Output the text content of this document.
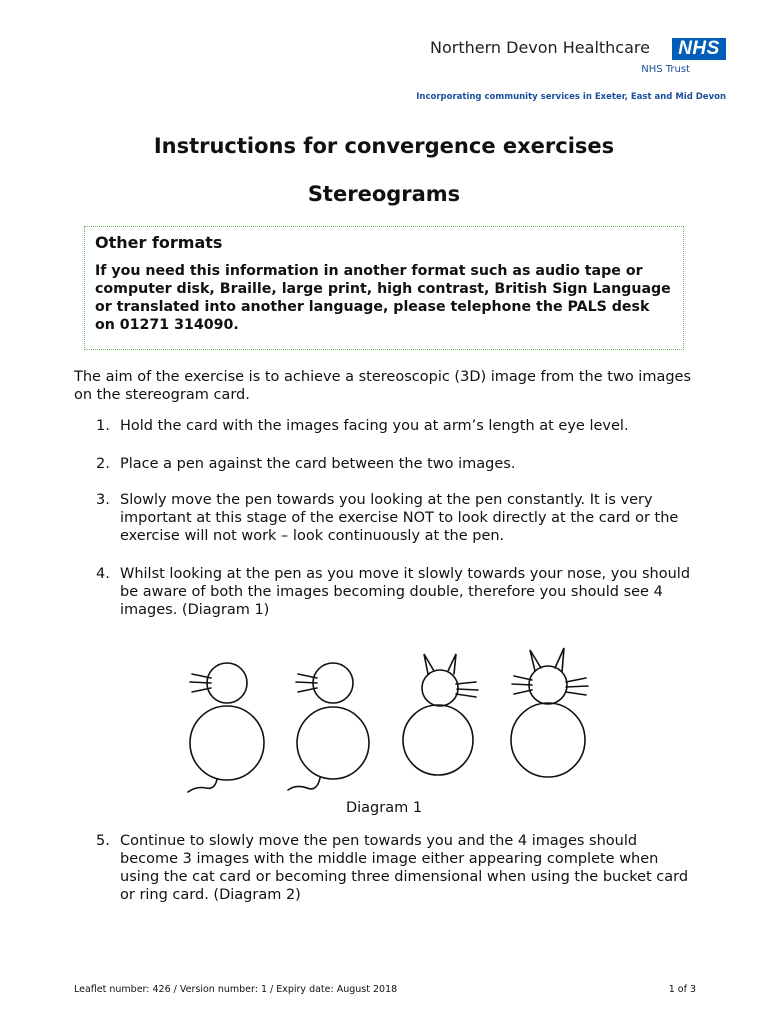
Northern Devon Healthcare	NHS
NHS Trust
Incorporating community services in Exeter, East and Mid Devon
Instructions for convergence exercises
Stereograms

Other formats

If you need this information in another format such as audio tape or computer disk, Braille, large print, high contrast, British Sign Language or translated into another language, please telephone the PALS desk on 01271 314090.

The aim of the exercise is to achieve a stereoscopic (3D) image from the two images on the stereogram card.

1. Hold the card with the images facing you at arm’s length at eye level.
2. Place a pen against the card between the two images.
3. Slowly move the pen towards you looking at the pen constantly. It is very important at this stage of the exercise NOT to look directly at the card or the exercise will not work – look continuously at the pen.
4. Whilst looking at the pen as you move it slowly towards your nose, you should be aware of both the images becoming double, therefore you should see 4 images. (Diagram 1)
Diagram 1
5. Continue to slowly move the pen towards you and the 4 images should become 3 images with the middle image either appearing complete when using the cat card or becoming three dimensional when using the bucket card or ring card. (Diagram 2)
Leaflet number: 426 / Version number: 1 / Expiry date: August 2018	1 of 3
